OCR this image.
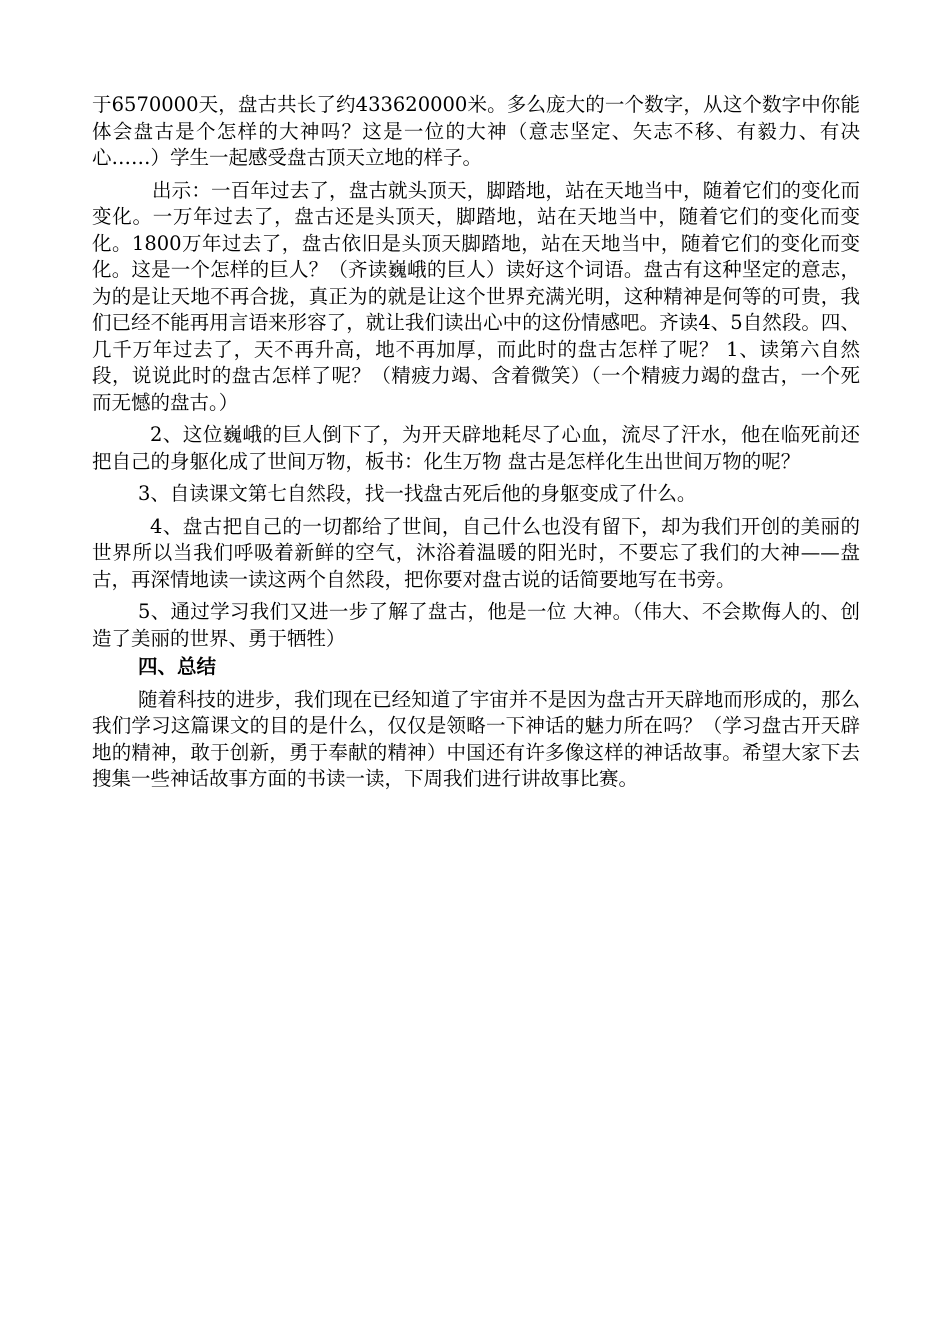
于6570000天，盘古共长了约433620000米。多么庞大的一个数字，从这个数字中你能体会盘古是个怎样的大神吗？这是一位的大神（意志坚定、矢志不移、有毅力、有决心……）学生一起感受盘古顶天立地的样子。

出示：一百年过去了，盘古就头顶天，脚踏地，站在天地当中，随着它们的变化而变化。一万年过去了，盘古还是头顶天，脚踏地，站在天地当中，随着它们的变化而变化。1800万年过去了，盘古依旧是头顶天脚踏地，站在天地当中，随着它们的变化而变化。这是一个怎样的巨人？（齐读巍峨的巨人）读好这个词语。盘古有这种坚定的意志，为的是让天地不再合拢，真正为的就是让这个世界充满光明，这种精神是何等的可贵，我们已经不能再用言语来形容了，就让我们读出心中的这份情感吧。齐读4、5自然段。四、几千万年过去了，天不再升高，地不再加厚，而此时的盘古怎样了呢？ 1、读第六自然段，说说此时的盘古怎样了呢？（精疲力竭、含着微笑）（一个精疲力竭的盘古，一个死而无憾的盘古。）

2、这位巍峨的巨人倒下了，为开天辟地耗尽了心血，流尽了汗水，他在临死前还把自己的身躯化成了世间万物，板书：化生万物 盘古是怎样化生出世间万物的呢？

3、自读课文第七自然段，找一找盘古死后他的身躯变成了什么。

4、盘古把自己的一切都给了世间，自己什么也没有留下，却为我们开创的美丽的世界所以当我们呼吸着新鲜的空气，沐浴着温暖的阳光时，不要忘了我们的大神——盘古，再深情地读一读这两个自然段，把你要对盘古说的话简要地写在书旁。

5、通过学习我们又进一步了解了盘古，他是一位 大神。（伟大、不会欺侮人的、创造了美丽的世界、勇于牺牲）

四、总结

随着科技的进步，我们现在已经知道了宇宙并不是因为盘古开天辟地而形成的，那么我们学习这篇课文的目的是什么，仅仅是领略一下神话的魅力所在吗？（学习盘古开天辟地的精神，敢于创新，勇于奉献的精神）中国还有许多像这样的神话故事。希望大家下去搜集一些神话故事方面的书读一读，下周我们进行讲故事比赛。
